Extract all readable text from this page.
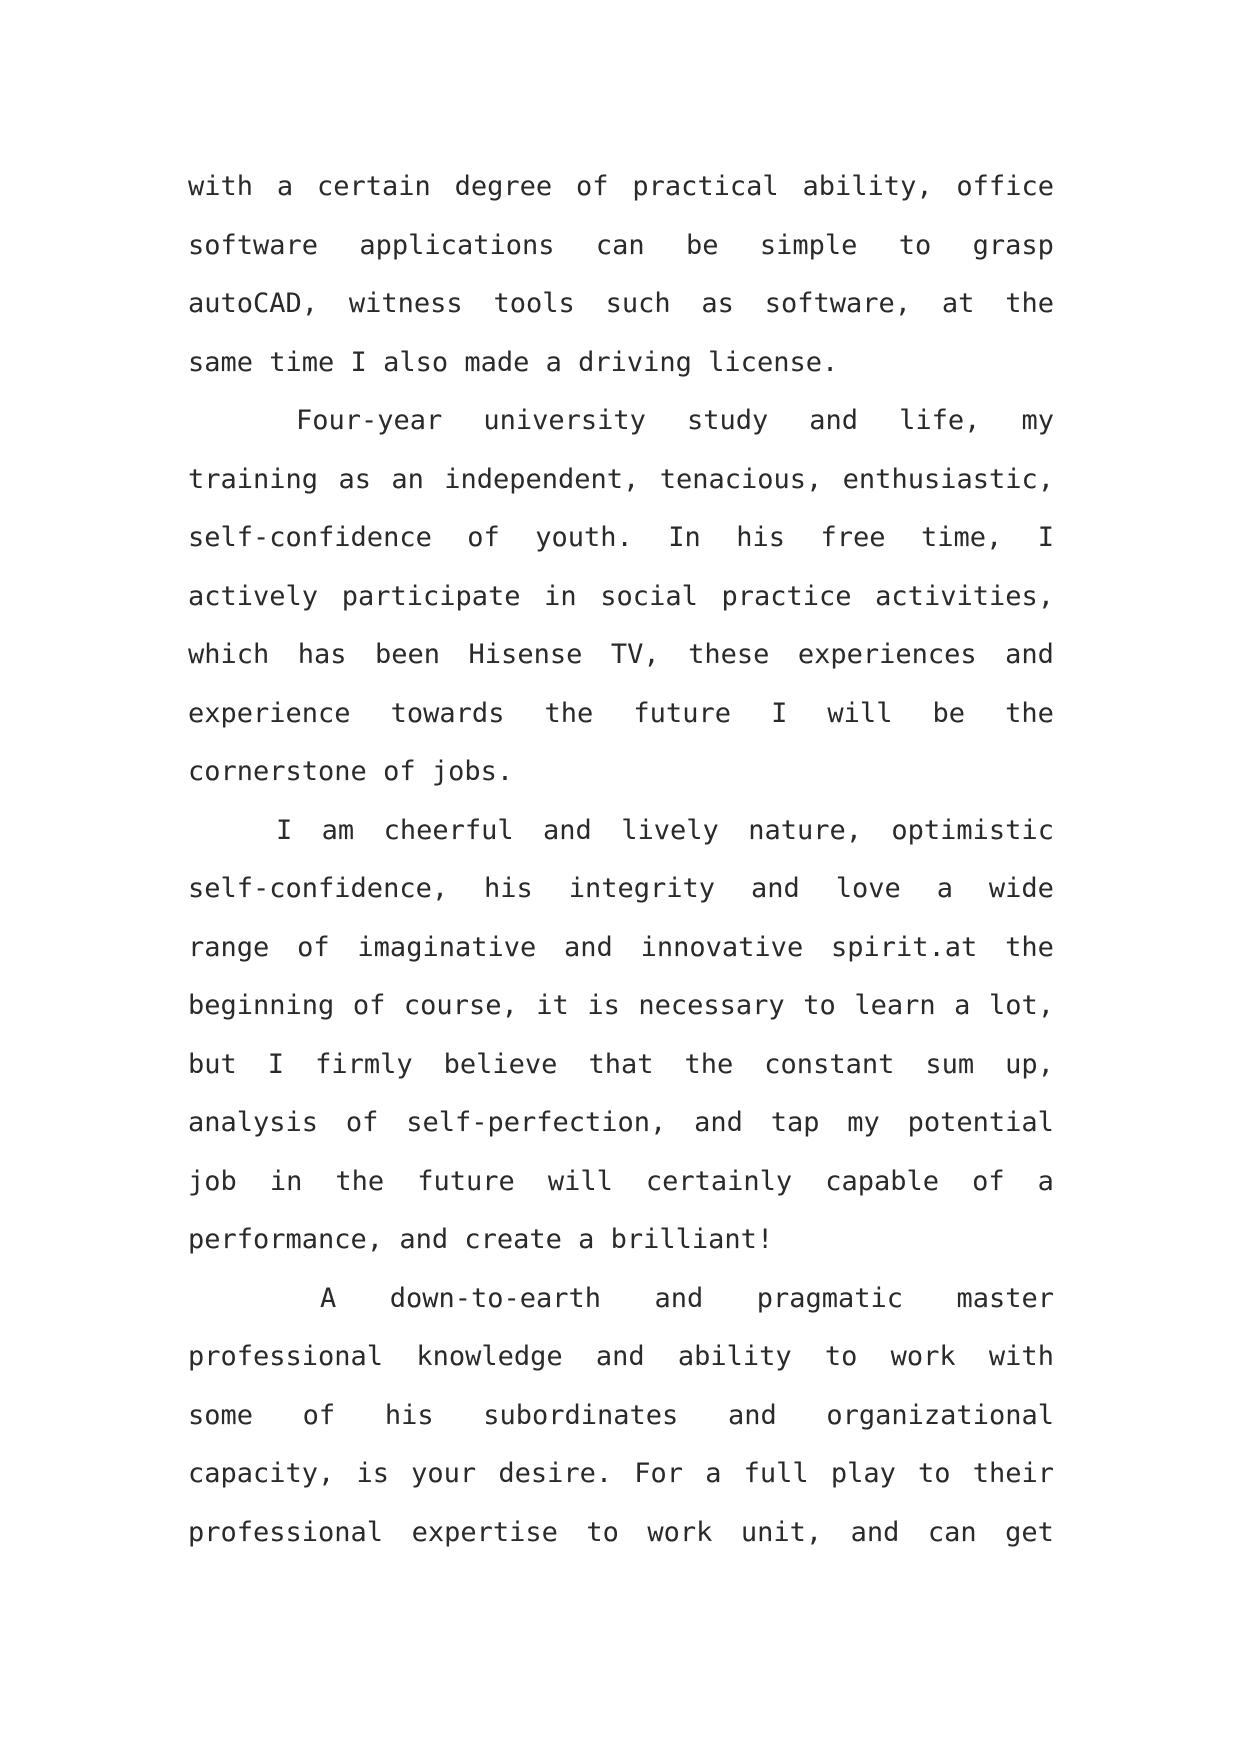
with a certain degree of practical ability, office
software applications can be simple to grasp
autoCAD, witness tools such as software, at the
same time I also made a driving license.
Four-year university study and life, my
training as an independent, tenacious, enthusiastic,
self-confidence of youth. In his free time, I
actively participate in social practice activities,
which has been Hisense TV, these experiences and
experience towards the future I will be the
cornerstone of jobs.
I am cheerful and lively nature, optimistic
self-confidence, his integrity and love a wide
range of imaginative and innovative spirit.at the
beginning of course, it is necessary to learn a lot,
but I firmly believe that the constant sum up,
analysis of self-perfection, and tap my potential
job in the future will certainly capable of a
performance, and create a brilliant!
A down-to-earth and pragmatic master
professional knowledge and ability to work with
some of his subordinates and organizational
capacity, is your desire. For a full play to their
professional expertise to work unit, and can get
